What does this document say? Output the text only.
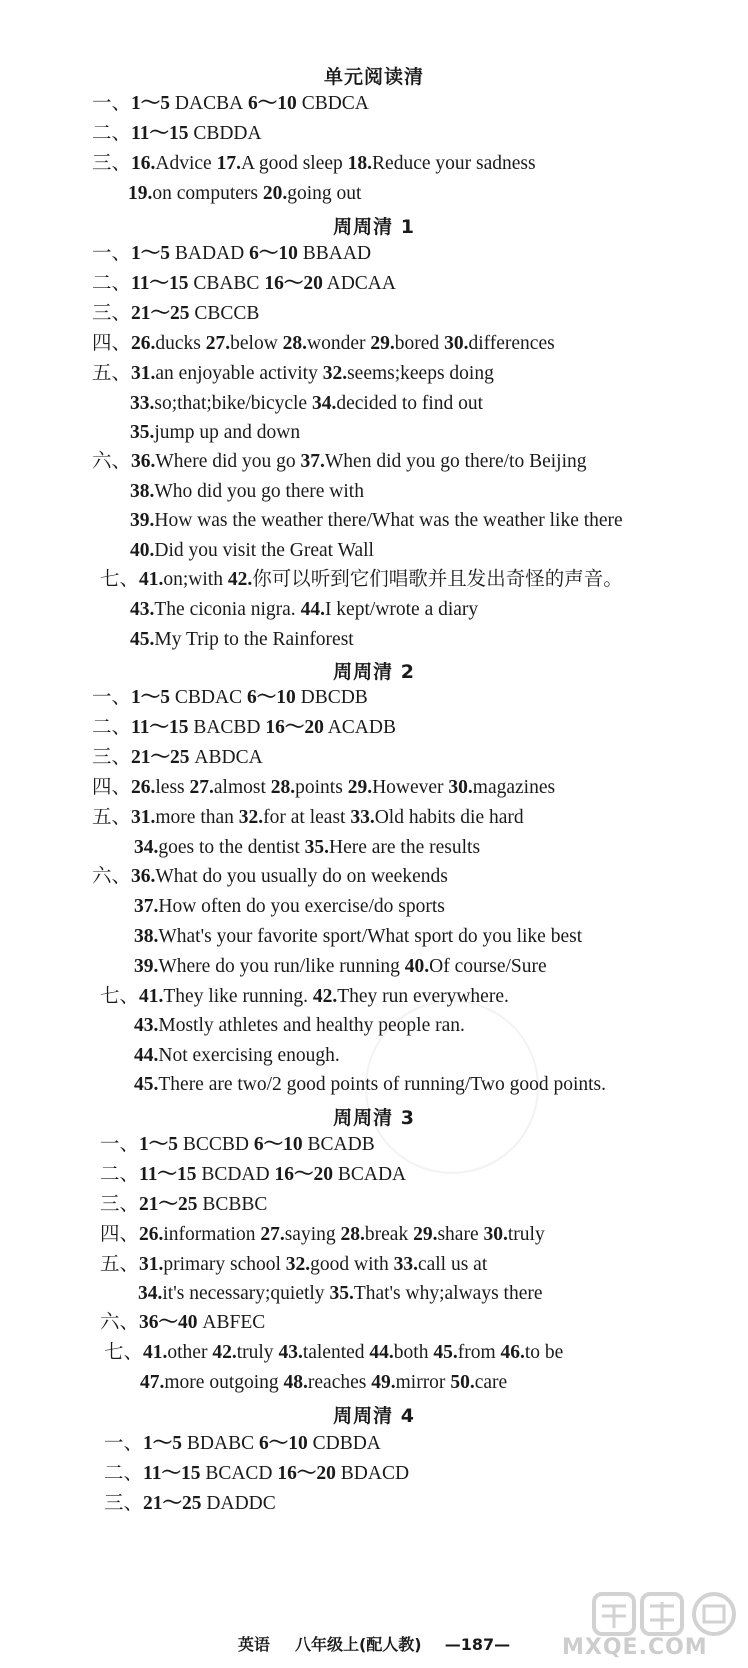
单元阅读清
一、1～5 DACBA 6～10 CBDCA
二、11～15 CBDDA
三、16.Advice 17.A good sleep 18.Reduce your sadness
19.on computers 20.going out
周周清 1
一、1～5 BADAD 6～10 BBAAD
二、11～15 CBABC 16～20 ADCAA
三、21～25 CBCCB
四、26.ducks 27.below 28.wonder 29.bored 30.differences
五、31.an enjoyable activity 32.seems;keeps doing
33.so;that;bike/bicycle 34.decided to find out
35.jump up and down
六、36.Where did you go 37.When did you go there/to Beijing
38.Who did you go there with
39.How was the weather there/What was the weather like there
40.Did you visit the Great Wall
七、41.on;with 42.你可以听到它们唱歌并且发出奇怪的声音。
43.The ciconia nigra. 44.I kept/wrote a diary
45.My Trip to the Rainforest
周周清 2
一、1～5 CBDAC 6～10 DBCDB
二、11～15 BACBD 16～20 ACADB
三、21～25 ABDCA
四、26.less 27.almost 28.points 29.However 30.magazines
五、31.more than 32.for at least 33.Old habits die hard
34.goes to the dentist 35.Here are the results
六、36.What do you usually do on weekends
37.How often do you exercise/do sports
38.What's your favorite sport/What sport do you like best
39.Where do you run/like running 40.Of course/Sure
七、41.They like running. 42.They run everywhere.
43.Mostly athletes and healthy people ran.
44.Not exercising enough.
45.There are two/2 good points of running/Two good points.
周周清 3
一、1～5 BCCBD 6～10 BCADB
二、11～15 BCDAD 16～20 BCADA
三、21～25 BCBBC
四、26.information 27.saying 28.break 29.share 30.truly
五、31.primary school 32.good with 33.call us at
34.it's necessary;quietly 35.That's why;always there
六、36～40 ABFEC
七、41.other 42.truly 43.talented 44.both 45.from 46.to be
47.more outgoing 48.reaches 49.mirror 50.care
周周清 4
一、1～5 BDABC 6～10 CDBDA
二、11～15 BCACD 16～20 BDACD
三、21～25 DADDC
英语 八年级上(配人教) —187—	MXQE.COM
